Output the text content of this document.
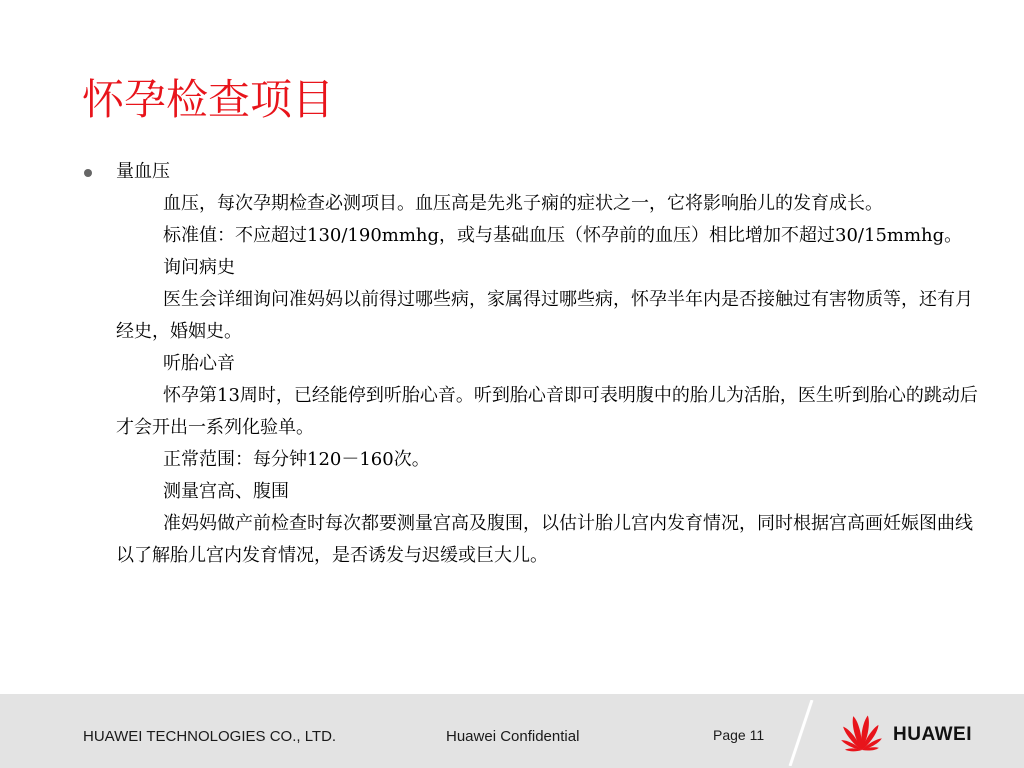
怀孕检查项目

量血压

血压，每次孕期检查必测项目。血压高是先兆子痫的症状之一，它将影响胎儿的发育成长。

标准值：不应超过130/190mmhg，或与基础血压（怀孕前的血压）相比增加不超过30/15mmhg。

询问病史

医生会详细询问准妈妈以前得过哪些病，家属得过哪些病，怀孕半年内是否接触过有害物质等，还有月经史，婚姻史。

听胎心音

怀孕第13周时，已经能停到听胎心音。听到胎心音即可表明腹中的胎儿为活胎，医生听到胎心的跳动后才会开出一系列化验单。

正常范围：每分钟120－160次。

测量宫高、腹围

准妈妈做产前检查时每次都要测量宫高及腹围，以估计胎儿宫内发育情况，同时根据宫高画妊娠图曲线以了解胎儿宫内发育情况，是否诱发与迟缓或巨大儿。

HUAWEI TECHNOLOGIES CO., LTD.	Huawei Confidential	Page 11	HUAWEI
